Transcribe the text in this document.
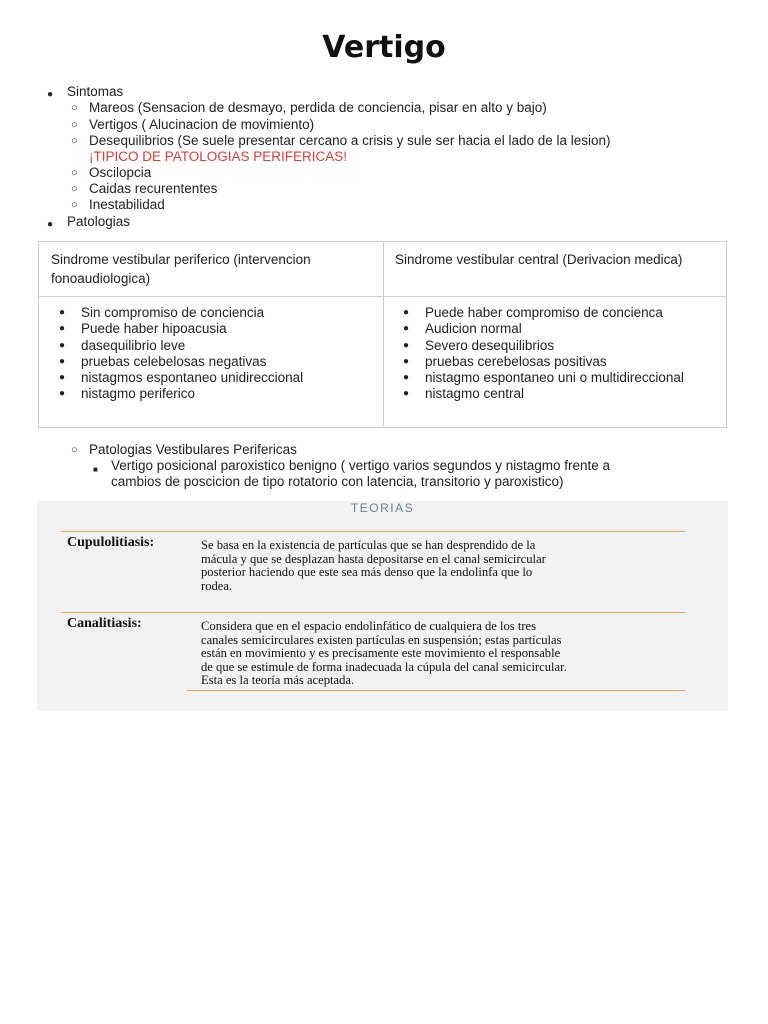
Vertigo
● Sintomas
○ Mareos (Sensacion de desmayo, perdida de conciencia, pisar en alto y bajo)
○ Vertigos ( Alucinacion de movimiento)
○ Desequilibrios (Se suele presentar cercano a crisis y sule ser hacia el lado de la lesion)
¡TIPICO DE PATOLOGIAS PERIFERICAS!
○ Oscilopcia
○ Caidas recurententes
○ Inestabilidad
● Patologias
Sindrome vestibular periferico (intervencion fonoaudiologica)
Sindrome vestibular central (Derivacion medica)
● Sin compromiso de conciencia
● Puede haber hipoacusia
● dasequilibrio leve
● pruebas celebelosas negativas
● nistagmos espontaneo unidireccional
● nistagmo periferico
● Puede haber compromiso de concienca
● Audicion normal
● Severo desequilibrios
● pruebas cerebelosas positivas
● nistagmo espontaneo uni o multidireccional
● nistagmo central
○ Patologias Vestibulares Perifericas
■ Vertigo posicional paroxistico benigno ( vertigo varios segundos y nistagmo frente a
cambios de poscicion de tipo rotatorio con latencia, transitorio y paroxistico)
TEORIAS
Cupulolitiasis:	Se basa en la existencia de partículas que se han desprendido de la
mácula y que se desplazan hasta depositarse en el canal semicircular
posterior haciendo que este sea más denso que la endolinfa que lo
rodea.
Canalitiasis:	Considera que en el espacio endolinfático de cualquiera de los tres
canales semicirculares existen partículas en suspensión; estas partículas
están en movimiento y es precisamente este movimiento el responsable
de que se estimule de forma inadecuada la cúpula del canal semicircular.
Esta es la teoría más aceptada.
